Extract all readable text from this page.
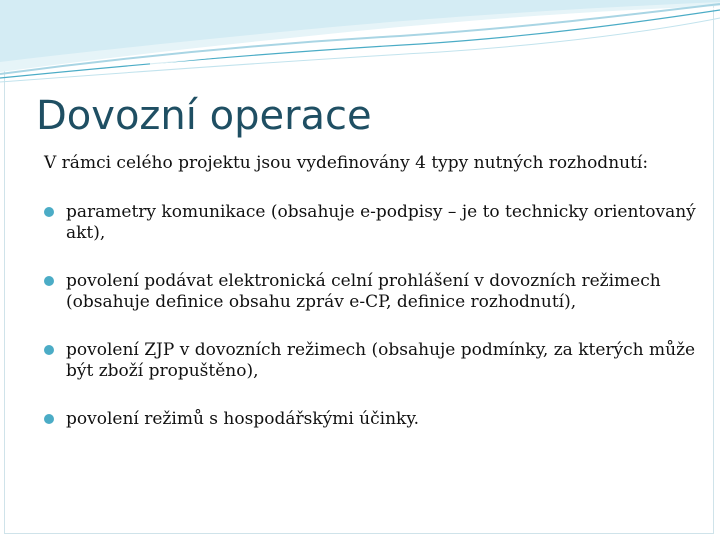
Dovozní operace

V rámci celého projektu jsou vydefinovány 4 typy nutných rozhodnutí:

parametry komunikace (obsahuje e-podpisy – je to technicky orientovaný akt),
povolení podávat elektronická celní prohlášení v dovozních režimech (obsahuje definice obsahu zpráv e-CP, definice rozhodnutí),
povolení ZJP v dovozních režimech (obsahuje podmínky, za kterých může být zboží propuštěno),
povolení režimů s hospodářskými účinky.
